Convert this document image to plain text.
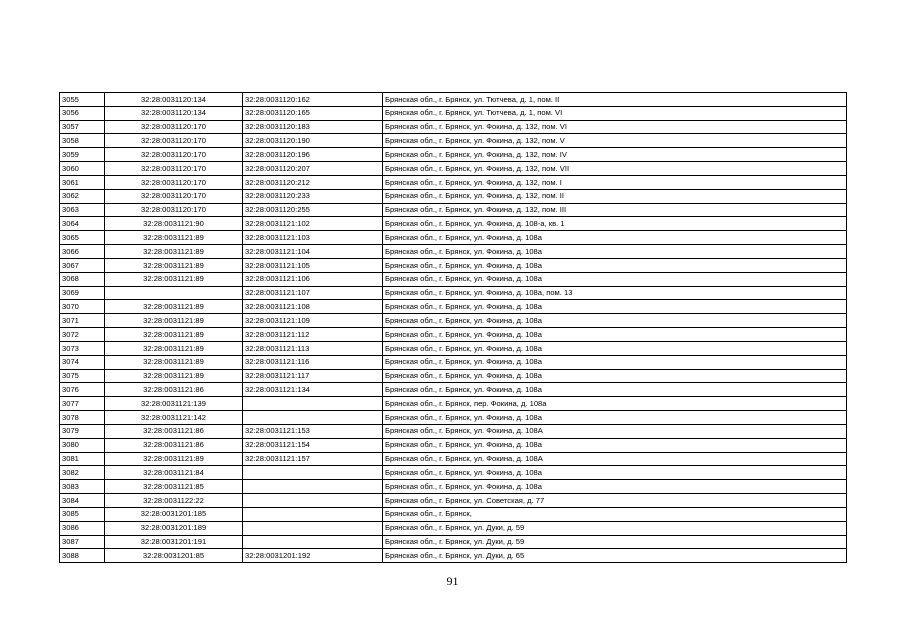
3055	32:28:0031120:134	32:28:0031120:162	Брянская обл., г. Брянск, ул. Тютчева, д. 1, пом. II
3056	32:28:0031120:134	32:28:0031120:165	Брянская обл., г. Брянск, ул. Тютчева, д. 1, пом. VI
3057	32:28:0031120:170	32:28:0031120:183	Брянская обл., г. Брянск, ул. Фокина, д. 132, пом. VI
3058	32:28:0031120:170	32:28:0031120:190	Брянская обл., г. Брянск, ул. Фокина, д. 132, пом. V
3059	32:28:0031120:170	32:28:0031120:196	Брянская обл., г. Брянск, ул. Фокина, д. 132, пом. IV
3060	32:28:0031120:170	32:28:0031120:207	Брянская обл., г. Брянск, ул. Фокина, д. 132, пом. VII
3061	32:28:0031120:170	32:28:0031120:212	Брянская обл., г. Брянск, ул. Фокина, д. 132, пом. I
3062	32:28:0031120:170	32:28:0031120:233	Брянская обл., г. Брянск, ул. Фокина, д. 132, пом. II
3063	32:28:0031120:170	32:28:0031120:255	Брянская обл., г. Брянск, ул. Фокина, д. 132, пом. III
3064	32:28:0031121:90	32:28:0031121:102	Брянская обл., г. Брянск, ул. Фокина, д. 108-а, кв. 1
3065	32:28:0031121:89	32:28:0031121:103	Брянская обл., г. Брянск, ул. Фокина, д. 108а
3066	32:28:0031121:89	32:28:0031121:104	Брянская обл., г. Брянск, ул. Фокина, д. 108а
3067	32:28:0031121:89	32:28:0031121:105	Брянская обл., г. Брянск, ул. Фокина, д. 108а
3068	32:28:0031121:89	32:28:0031121:106	Брянская обл., г. Брянск, ул. Фокина, д. 108а
3069		32:28:0031121:107	Брянская обл., г. Брянск, ул. Фокина, д. 108а, пом. 13
3070	32:28:0031121:89	32:28:0031121:108	Брянская обл., г. Брянск, ул. Фокина, д. 108а
3071	32:28:0031121:89	32:28:0031121:109	Брянская обл., г. Брянск, ул. Фокина, д. 108а
3072	32:28:0031121:89	32:28:0031121:112	Брянская обл., г. Брянск, ул. Фокина, д. 108а
3073	32:28:0031121:89	32:28:0031121:113	Брянская обл., г. Брянск, ул. Фокина, д. 108а
3074	32:28:0031121:89	32:28:0031121:116	Брянская обл., г. Брянск, ул. Фокина, д. 108а
3075	32:28:0031121:89	32:28:0031121:117	Брянская обл., г. Брянск, ул. Фокина, д. 108а
3076	32:28:0031121:86	32:28:0031121:134	Брянская обл., г. Брянск, ул. Фокина, д. 108а
3077	32:28:0031121:139		Брянская обл., г. Брянск, пер. Фокина, д. 108а
3078	32:28:0031121:142		Брянская обл., г. Брянск, ул. Фокина, д. 108а
3079	32:28:0031121:86	32:28:0031121:153	Брянская обл., г. Брянск, ул. Фокина, д. 108А
3080	32:28:0031121:86	32:28:0031121:154	Брянская обл., г. Брянск, ул. Фокина, д. 108а
3081	32:28:0031121:89	32:28:0031121:157	Брянская обл., г. Брянск, ул. Фокина, д. 108А
3082	32:28:0031121:84		Брянская обл., г. Брянск, ул. Фокина, д. 108а
3083	32:28:0031121:85		Брянская обл., г. Брянск, ул. Фокина, д. 108а
3084	32:28:0031122:22		Брянская обл., г. Брянск, ул. Советская, д. 77
3085	32:28:0031201:185		Брянская обл., г. Брянск,
3086	32:28:0031201:189		Брянская обл., г. Брянск, ул. Дуки, д. 59
3087	32:28:0031201:191		Брянская обл., г. Брянск, ул. Дуки, д. 59
3088	32:28:0031201:85	32:28:0031201:192	Брянская обл., г. Брянск, ул. Дуки, д. 65
91
